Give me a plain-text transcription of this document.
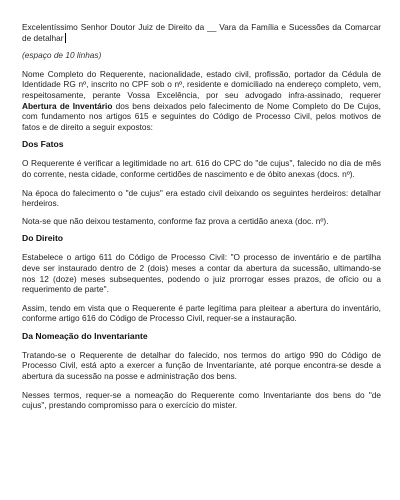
Excelentíssimo Senhor Doutor Juiz de Direito da __ Vara da Família e Sucessões da Comarcar de detalhar

(espaço de 10 linhas)

Nome Completo do Requerente, nacionalidade, estado civil, profissão, portador da Cédula de Identidade RG nº, inscrito no CPF sob o nº, residente e domiciliado na endereço completo, vem, respeitosamente, perante Vossa Excelência, por seu advogado infra-assinado, requerer Abertura de Inventário dos bens deixados pelo falecimento de Nome Completo do De Cujos, com fundamento nos artigos 615 e seguintes do Código de Processo Civil, pelos motivos de fatos e de direito a seguir expostos:

Dos Fatos

O Requerente é verificar a legitimidade no art. 616 do CPC do "de cujus", falecido no dia de mês do corrente, nesta cidade, conforme certidões de nascimento e de óbito anexas (docs. nº).

Na época do falecimento o "de cujus" era estado civil deixando os seguintes herdeiros: detalhar herdeiros.

Nota-se que não deixou testamento, conforme faz prova a certidão anexa (doc. nº).

Do Direito

Estabelece o artigo 611 do Código de Processo Civil: "O processo de inventário e de partilha deve ser instaurado dentro de 2 (dois) meses a contar da abertura da sucessão, ultimando-se nos 12 (doze) meses subsequentes, podendo o juiz prorrogar esses prazos, de ofício ou a requerimento de parte".

Assim, tendo em vista que o Requerente é parte legítima para pleitear a abertura do inventário, conforme artigo 616 do Código de Processo Civil, requer-se a instauração.

Da Nomeação do Inventariante

Tratando-se o Requerente de detalhar do falecido, nos termos do artigo 990 do Código de Processo Civil, está apto a exercer a função de Inventariante, até porque encontra-se desde a abertura da sucessão na posse e administração dos bens.

Nesses termos, requer-se a nomeação do Requerente como Inventariante dos bens do "de cujus", prestando compromisso para o exercício do mister.
